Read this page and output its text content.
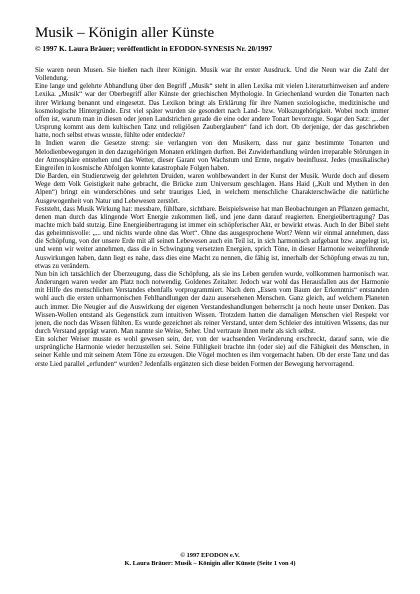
Musik – Königin aller Künste
© 1997 K. Laura Bräuer; veröffentlicht in EFODON-SYNESIS Nr. 20/1997

Sie waren neun Musen. Sie hießen nach ihrer Königin. Musik war ihr erster Ausdruck. Und die Neun war die Zahl der Vollendung.

Eine lange und gelehrte Abhandlung über den Begriff „Musik“ steht in allen Lexika mit vielen Literaturhinweisen auf andere Lexika. „Musik“ war der Oberbegriff aller Künste der griechischen Mythologie. In Griechenland wurden die Tonarten nach ihrer Wirkung benannt und eingesetzt. Das Lexikon bringt als Erklärung für ihre Namen soziologische, medizinische und kosmologische Hintergründe. Erst viel später wurden sie gesondert nach Land- bzw. Volkszugehörigkeit. Wobei noch immer offen ist, warum man in diesen oder jenen Landstrichen gerade die eine oder andere Tonart bevorzugte. Sogar den Satz: „...der Ursprung kommt aus dem kultischen Tanz und religiösen Zauberglauben“ fand ich dort. Ob derjenige, der das geschrieben hatte, noch selbst etwas wusste, fühlte oder entdeckte?

In Indien waren die Gesetze streng: sie verlangten von den Musikern, dass nur ganz bestimmte Tonarten und Melodienbewegungen in den dazugehörigen Monaten erklingen durften. Bei Zuwiderhandlung würden irreparable Störungen in der Atmosphäre entstehen und das Wetter, dieser Garant von Wachstum und Ernte, negativ beeinflusst. Jedes (musikalische) Eingreifen in kosmische Abfolgen konnte katastrophale Folgen haben.

Die Barden, ein Studienzweig der gelehrten Druiden, waren wohlbewandert in der Kunst der Musik. Wurde doch auf diesem Wege dem Volk Geistigkeit nahe gebracht, die Brücke zum Universum geschlagen. Hans Haid („Kult und Mythen in den Alpen“) bringt ein wunderschönes und sehr trauriges Lied, in welchem menschliche Charakterschwäche die natürliche Ausgewogenheit von Natur und Lebewesen zerstört.

Feststeht, dass Musik Wirkung hat: messbare, fühlbare, sichtbare. Beispielsweise hat man Beobachtungen an Pflanzen gemacht, denen man durch das klingende Wort Energie zukommen ließ, und jene dann darauf reagierten. Energieübertragung? Das machte mich bald stutzig. Eine Energieübertragung ist immer ein schöpferischer Akt, er bewirkt etwas. Auch In der Bibel steht das geheimnisvolle: „... und nichts wurde ohne das Wort“. Ohne das ausgesprochene Wort? Wenn wir einmal annehmen, dass die Schöpfung, von der unsere Erde mit all seinen Lebewesen auch ein Teil ist, in sich harmonisch aufgebaut bzw. angelegt ist, und wenn wir weiter annehmen, dass die in Schwingung versetzten Energien, sprich Töne, in dieser Harmonie weiterführende Auswirkungen haben, dann liegt es nahe, dass dies eine Macht zu nennen, die fähig ist, innerhalb der Schöpfung etwas zu tun, etwas zu verändern.

Nun bin ich tatsächlich der Überzeugung, dass die Schöpfung, als sie ins Leben gerufen wurde, vollkommen harmonisch war. Änderungen waren weder am Platz noch notwendig. Goldenes Zeitalter. Jedoch war wohl das Herausfallen aus der Harmonie mit Hilfe des menschlichen Verstandes ebenfalls vorprogrammiert. Nach dem „Essen vom Baum der Erkenntnis“ entstanden wohl auch die ersten unharmonischen Fehlhandlungen der dazu ausersehenen Menschen. Ganz gleich, auf welchem Planeten auch immer. Die Neugier auf die Auswirkung der eigenen Verstandeshandlungen beherrscht ja noch heute unser Denken. Das Wissen-Wollen entstand als Gegenstück zum intuitiven Wissen. Trotzdem hatten die damaligen Menschen viel Respekt vor jenen, die noch das Wissen fühlten. Es wurde gezeichnet als reiner Verstand, unter dem Schleier des intuitiven Wissens, das nur durch Verstand geprägt waren. Man nannte sie Weise, Seher. Und vertraute ihnen mehr als sich selbst.

Ein solcher Weiser musste es wohl gewesen sein, der, von der wachsenden Veränderung erschreckt, darauf sann, wie die ursprüngliche Harmonie wieder herzustellen sei. Seine Fühligkeit brachte ihn (oder sie) auf die Fähigkeit des Menschen, in seiner Kehle und mit seinem Atem Töne zu erzeugen. Die Vögel mochten es ihm vorgemacht haben. Ob der erste Tanz und das erste Lied parallel „erfunden“ wurden? Jedenfalls ergänzten sich diese beiden Formen der Bewegung hervorragend.

© 1997 EFODON e.V.
K. Laura Bräuer: Musik – Königin aller Künste (Seite 1 von 4)
